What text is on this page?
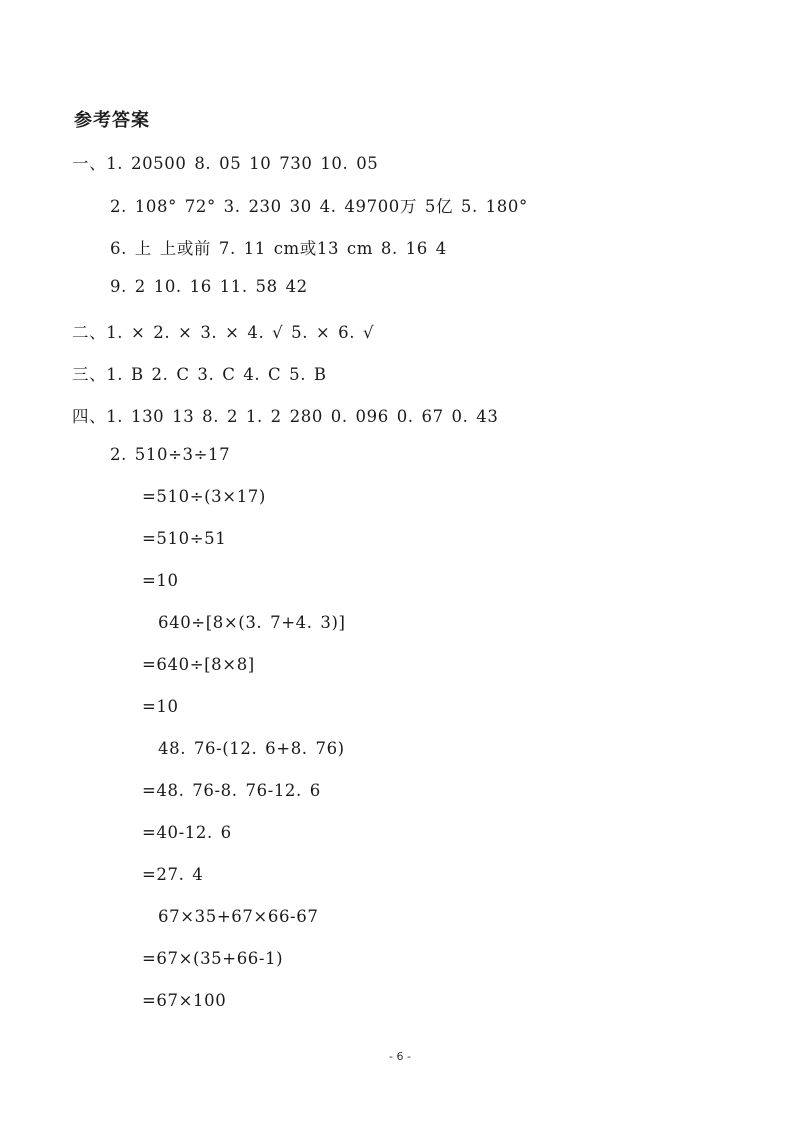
参考答案
一、1. 20500 8. 05 10 730 10. 05
2. 108° 72° 3. 230 30 4. 49700万 5亿 5. 180°
6. 上 上或前 7. 11 cm或13 cm 8. 16 4
9. 2 10. 16 11. 58 42
二、1. × 2. × 3. × 4. √ 5. × 6. √
三、1. B 2. C 3. C 4. C 5. B
四、1. 130 13 8. 2 1. 2 280 0. 096 0. 67 0. 43
2. 510÷3÷17
=510÷(3×17)
=510÷51
=10
640÷[8×(3. 7+4. 3)]
=640÷[8×8]
=10
48. 76-(12. 6+8. 76)
=48. 76-8. 76-12. 6
=40-12. 6
=27. 4
67×35+67×66-67
=67×(35+66-1)
=67×100
- 6 -
